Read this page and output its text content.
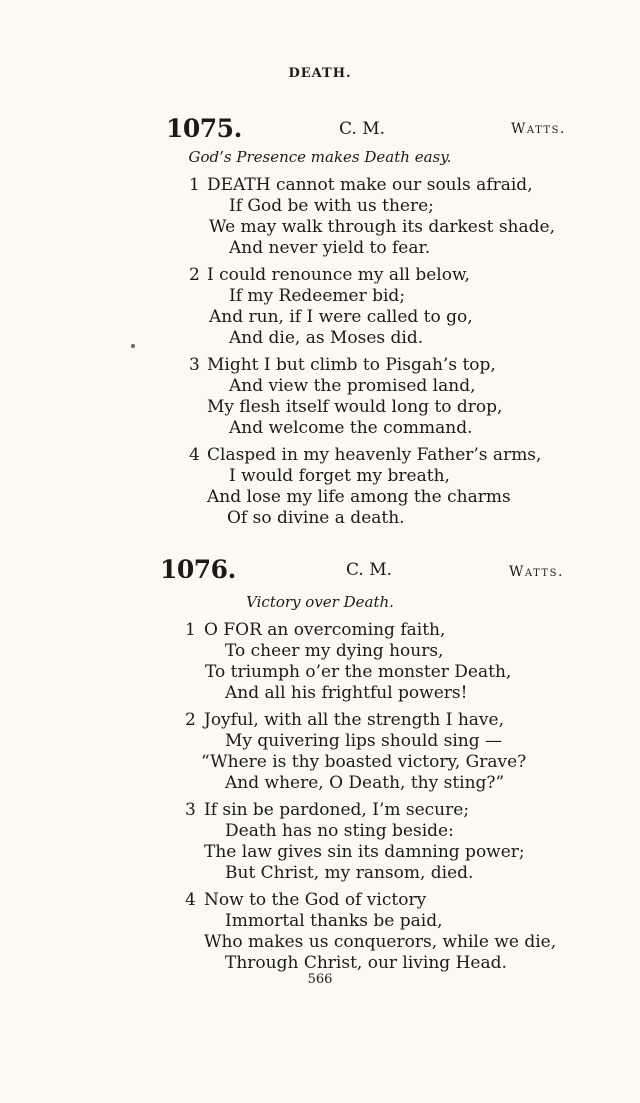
DEATH.
1075.	C. M.	Watts.
God’s Presence makes Death easy.
1 DEATH cannot make our souls afraid,
If God be with us there;
We may walk through its darkest shade,
And never yield to fear.
2 I could renounce my all below,
If my Redeemer bid;
And run, if I were called to go,
And die, as Moses did.
3 Might I but climb to Pisgah’s top,
And view the promised land,
My flesh itself would long to drop,
And welcome the command.
4 Clasped in my heavenly Father’s arms,
I would forget my breath,
And lose my life among the charms
Of so divine a death.
1076.	C. M.	Watts.
Victory over Death.
1 O FOR an overcoming faith,
To cheer my dying hours,
To triumph o’er the monster Death,
And all his frightful powers!
2 Joyful, with all the strength I have,
My quivering lips should sing —
“Where is thy boasted victory, Grave?
And where, O Death, thy sting?”
3 If sin be pardoned, I’m secure;
Death has no sting beside:
The law gives sin its damning power;
But Christ, my ransom, died.
4 Now to the God of victory
Immortal thanks be paid,
Who makes us conquerors, while we die,
Through Christ, our living Head.
566
